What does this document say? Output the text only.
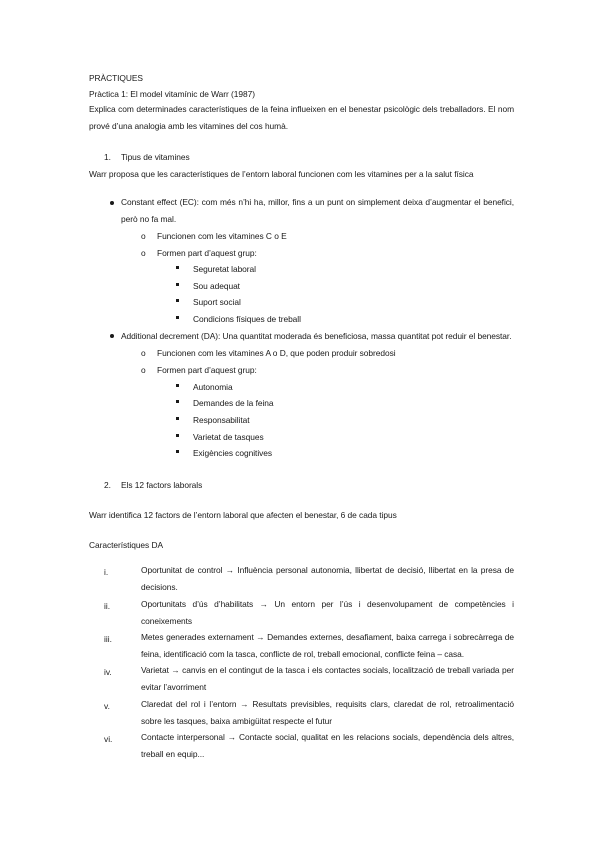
PRÀCTIQUES
Pràctica 1: El model vitamínic de Warr (1987)
Explica com determinades característiques de la feina influeixen en el benestar psicològic dels treballadors. El nom prové d’una analogia amb les vitamines del cos humà.
1. Tipus de vitamines
Warr proposa que les característiques de l’entorn laboral funcionen com les vitamines per a la salut física
Constant effect (EC): com més n’hi ha, millor, fins a un punt on simplement deixa d’augmentar el benefici, però no fa mal.
o Funcionen com les vitamines C o E
o Formen part d’aquest grup:
Seguretat laboral
Sou adequat
Suport social
Condicions físiques de treball
Additional decrement (DA): Una quantitat moderada és beneficiosa, massa quantitat pot reduir el benestar.
o Funcionen com les vitamines A o D, que poden produir sobredosi
o Formen part d’aquest grup:
Autonomia
Demandes de la feina
Responsabilitat
Varietat de tasques
Exigències cognitives
2. Els 12 factors laborals
Warr identifica 12 factors de l’entorn laboral que afecten el benestar, 6 de cada tipus
Característiques DA
i.	Oportunitat de control → Influència personal autonomia, llibertat de decisió, llibertat en la presa de decisions.
ii.	Oportunitats d’ús d’habilitats → Un entorn per l’ús i desenvolupament de competències i coneixements
iii.	Metes generades externament → Demandes externes, desafiament, baixa carrega i sobrecàrrega de feina, identificació com la tasca, conflicte de rol, treball emocional, conflicte feina – casa.
iv.	Varietat → canvis en el contingut de la tasca i els contactes socials, localització de treball variada per evitar l’avorriment
v.	Claredat del rol i l’entorn → Resultats previsibles, requisits clars, claredat de rol, retroalimentació sobre les tasques, baixa ambigüitat respecte el futur
vi.	Contacte interpersonal → Contacte social, qualitat en les relacions socials, dependència dels altres, treball en equip...
